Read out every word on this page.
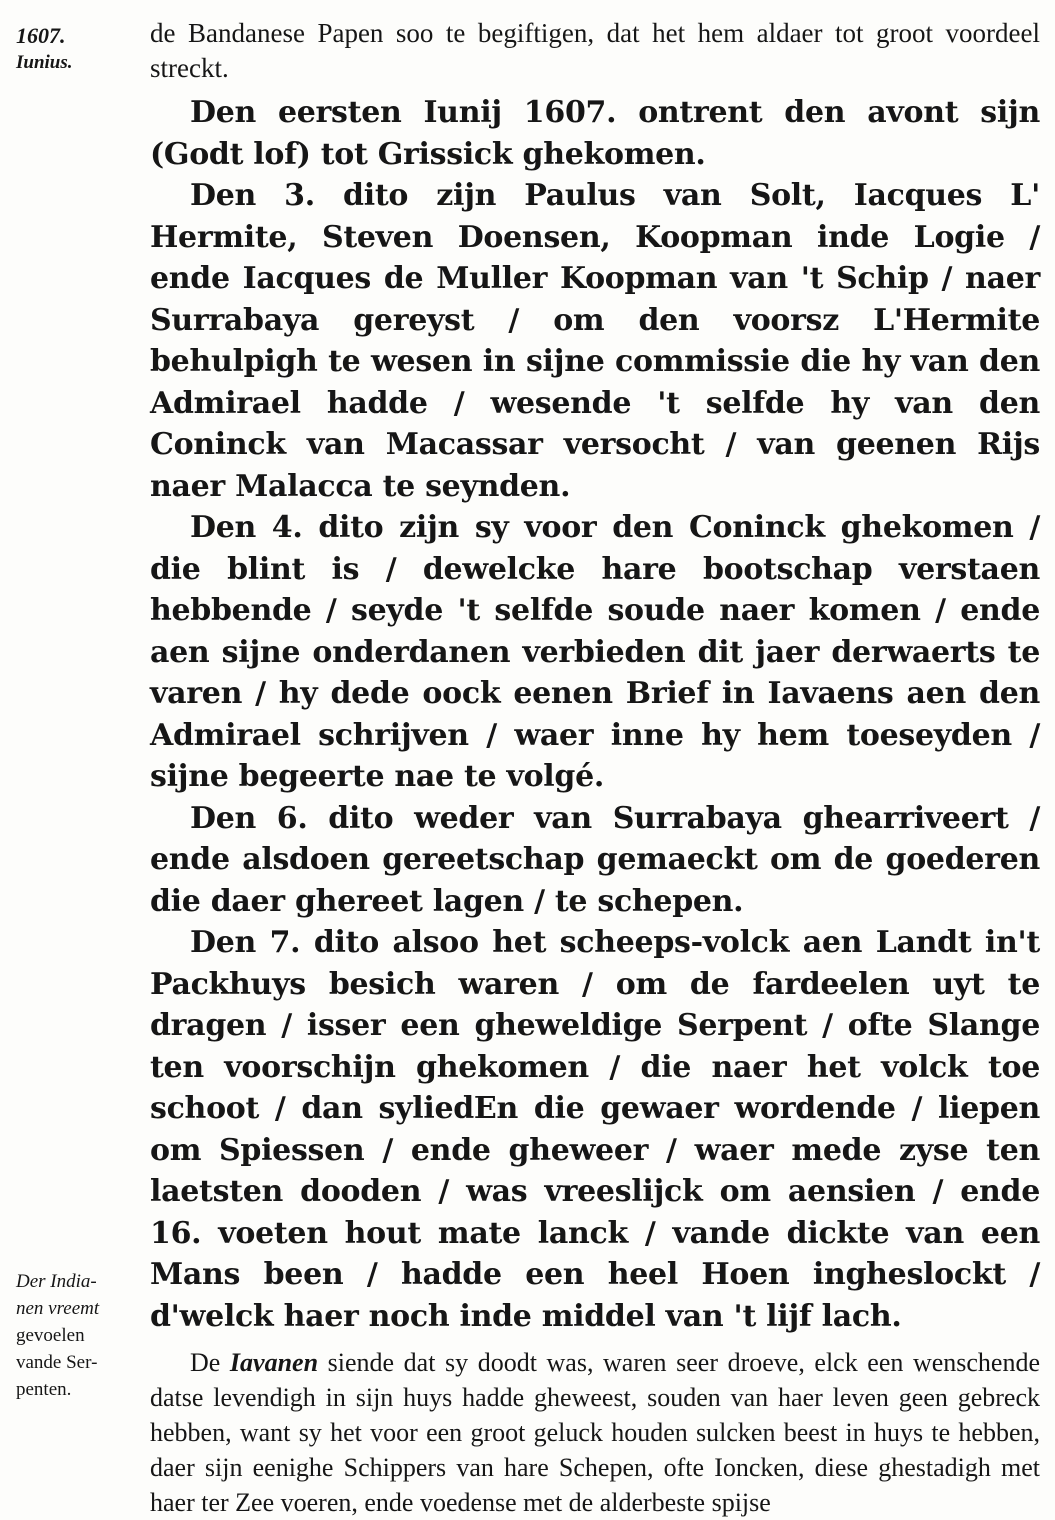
1607.
Iunius.
Der India-
nen vreemt
gevoelen
vande Ser-
penten.

de Bandanese Papen soo te begiftigen, dat het hem aldaer tot groot voordeel streckt.

Den eersten Iunij 1607. ontrent den avont sijn (Godt lof) tot Grissick ghekomen.

Den 3. dito zijn Paulus van Solt, Iacques L' Hermite, Steven Doensen, Koopman inde Logie / ende Iacques de Muller Koopman van 't Schip / naer Surrabaya gereyst / om den voorsz L'Hermite behulpigh te wesen in sijne commissie die hy van den Admirael hadde / wesende 't selfde hy van den Coninck van Macassar versocht / van geenen Rijs naer Malacca te seynden.

Den 4. dito zijn sy voor den Coninck ghekomen / die blint is / dewelcke hare bootschap verstaen hebbende / seyde 't selfde soude naer komen / ende aen sijne onderdanen verbieden dit jaer derwaerts te varen / hy dede oock eenen Brief in Iavaens aen den Admirael schrijven / waer inne hy hem toeseyden / sijne begeerte nae te volgé.

Den 6. dito weder van Surrabaya ghearriveert / ende alsdoen gereetschap gemaeckt om de goederen die daer ghereet lagen / te schepen.

Den 7. dito alsoo het scheeps-volck aen Landt in't Packhuys besich waren / om de fardeelen uyt te dragen / isser een gheweldige Serpent / ofte Slange ten voorschijn ghekomen / die naer het volck toe schoot / dan syliedEn die gewaer wordende / liepen om Spiessen / ende gheweer / waer mede zyse ten laetsten dooden / was vreeslijck om aensien / ende 16. voeten hout mate lanck / vande dickte van een Mans been / hadde een heel Hoen ingheslockt / d'welck haer noch inde middel van 't lijf lach.

De Iavanen siende dat sy doodt was, waren seer droeve, elck een wenschende datse levendigh in sijn huys hadde gheweest, souden van haer leven geen gebreck hebben, want sy het voor een groot geluck houden sulcken beest in huys te hebben, daer sijn eenighe Schippers van hare Schepen, ofte Ioncken, diese ghestadigh met haer ter Zee voeren, ende voedense met de alderbeste spijse
